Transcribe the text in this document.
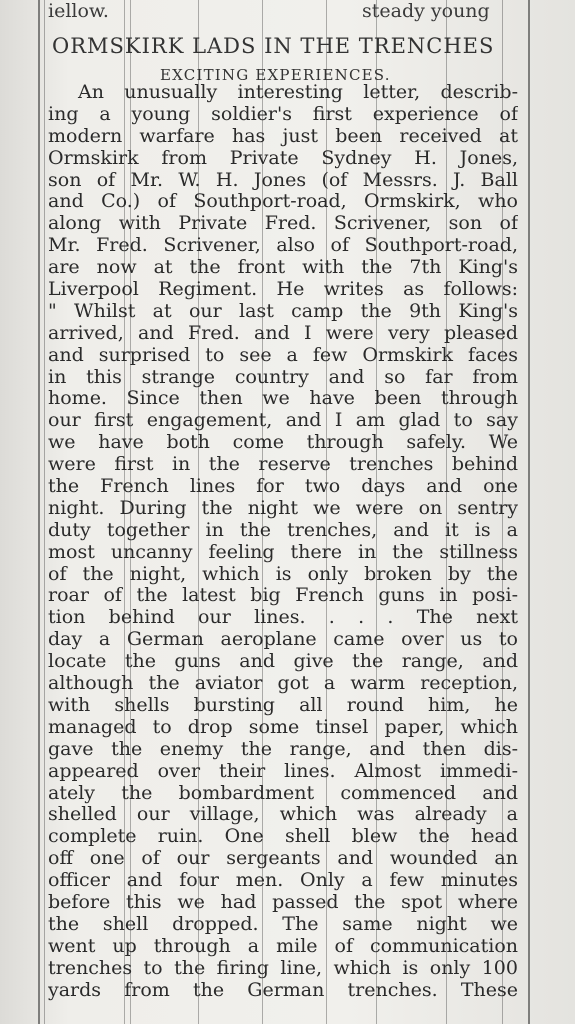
iellow.	steady young
ORMSKIRK LADS IN THE TRENCHES
EXCITING EXPERIENCES.
An unusually interesting letter, describ-
ing a young soldier's first experience of
modern warfare has just been received at
Ormskirk from Private Sydney H. Jones,
son of Mr. W. H. Jones (of Messrs. J. Ball
and Co.) of Southport-road, Ormskirk, who
along with Private Fred. Scrivener, son of
Mr. Fred. Scrivener, also of Southport-road,
are now at the front with the 7th King's
Liverpool Regiment. He writes as follows:
" Whilst at our last camp the 9th King's
arrived, and Fred. and I were very pleased
and surprised to see a few Ormskirk faces
in this strange country and so far from
home. Since then we have been through
our first engagement, and I am glad to say
we have both come through safely. We
were first in the reserve trenches behind
the French lines for two days and one
night. During the night we were on sentry
duty together in the trenches, and it is a
most uncanny feeling there in the stillness
of the night, which is only broken by the
roar of the latest big French guns in posi-
tion behind our lines. . . . The next
day a German aeroplane came over us to
locate the guns and give the range, and
although the aviator got a warm reception,
with shells bursting all round him, he
managed to drop some tinsel paper, which
gave the enemy the range, and then dis-
appeared over their lines. Almost immedi-
ately the bombardment commenced and
shelled our village, which was already a
complete ruin. One shell blew the head
off one of our sergeants and wounded an
officer and four men. Only a few minutes
before this we had passed the spot where
the shell dropped. The same night we
went up through a mile of communication
trenches to the firing line, which is only 100
yards from the German trenches. These
